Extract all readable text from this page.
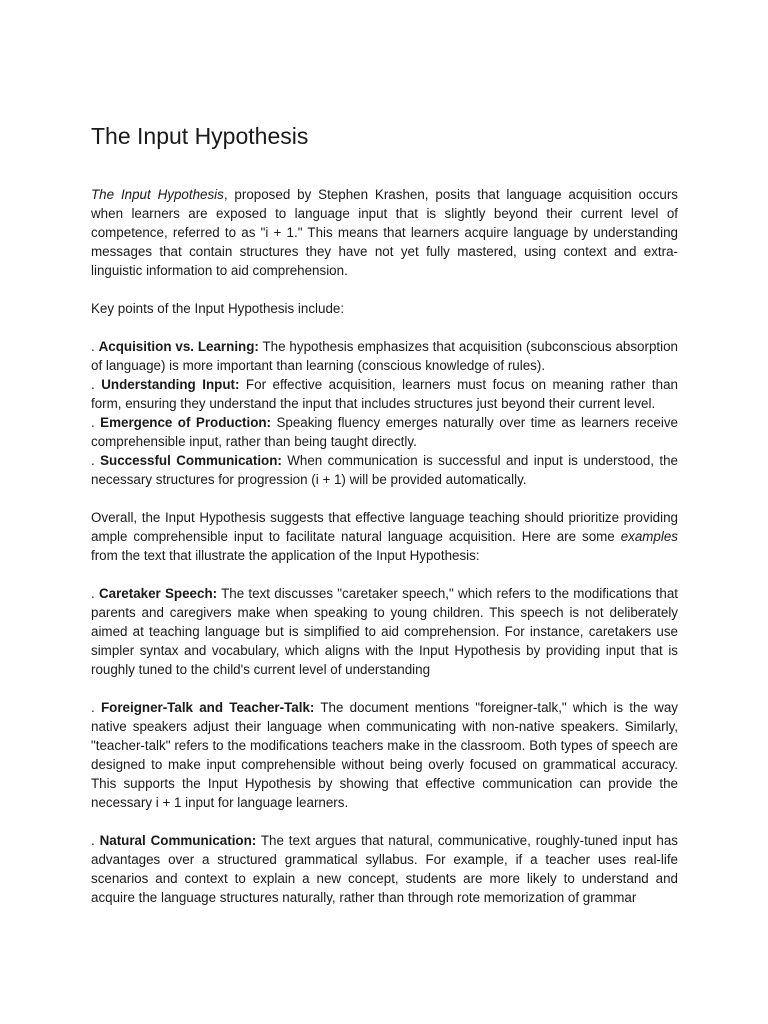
The Input Hypothesis

The Input Hypothesis, proposed by Stephen Krashen, posits that language acquisition occurs when learners are exposed to language input that is slightly beyond their current level of competence, referred to as "i + 1." This means that learners acquire language by understanding messages that contain structures they have not yet fully mastered, using context and extra-linguistic information to aid comprehension.

Key points of the Input Hypothesis include:

. Acquisition vs. Learning: The hypothesis emphasizes that acquisition (subconscious absorption of language) is more important than learning (conscious knowledge of rules).

. Understanding Input: For effective acquisition, learners must focus on meaning rather than form, ensuring they understand the input that includes structures just beyond their current level.

. Emergence of Production: Speaking fluency emerges naturally over time as learners receive comprehensible input, rather than being taught directly.

. Successful Communication: When communication is successful and input is understood, the necessary structures for progression (i + 1) will be provided automatically.

Overall, the Input Hypothesis suggests that effective language teaching should prioritize providing ample comprehensible input to facilitate natural language acquisition. Here are some examples from the text that illustrate the application of the Input Hypothesis:

. Caretaker Speech: The text discusses "caretaker speech," which refers to the modifications that parents and caregivers make when speaking to young children. This speech is not deliberately aimed at teaching language but is simplified to aid comprehension. For instance, caretakers use simpler syntax and vocabulary, which aligns with the Input Hypothesis by providing input that is roughly tuned to the child's current level of understanding

. Foreigner-Talk and Teacher-Talk: The document mentions "foreigner-talk," which is the way native speakers adjust their language when communicating with non-native speakers. Similarly, "teacher-talk" refers to the modifications teachers make in the classroom. Both types of speech are designed to make input comprehensible without being overly focused on grammatical accuracy. This supports the Input Hypothesis by showing that effective communication can provide the necessary i + 1 input for language learners.

. Natural Communication: The text argues that natural, communicative, roughly-tuned input has advantages over a structured grammatical syllabus. For example, if a teacher uses real-life scenarios and context to explain a new concept, students are more likely to understand and acquire the language structures naturally, rather than through rote memorization of grammar
